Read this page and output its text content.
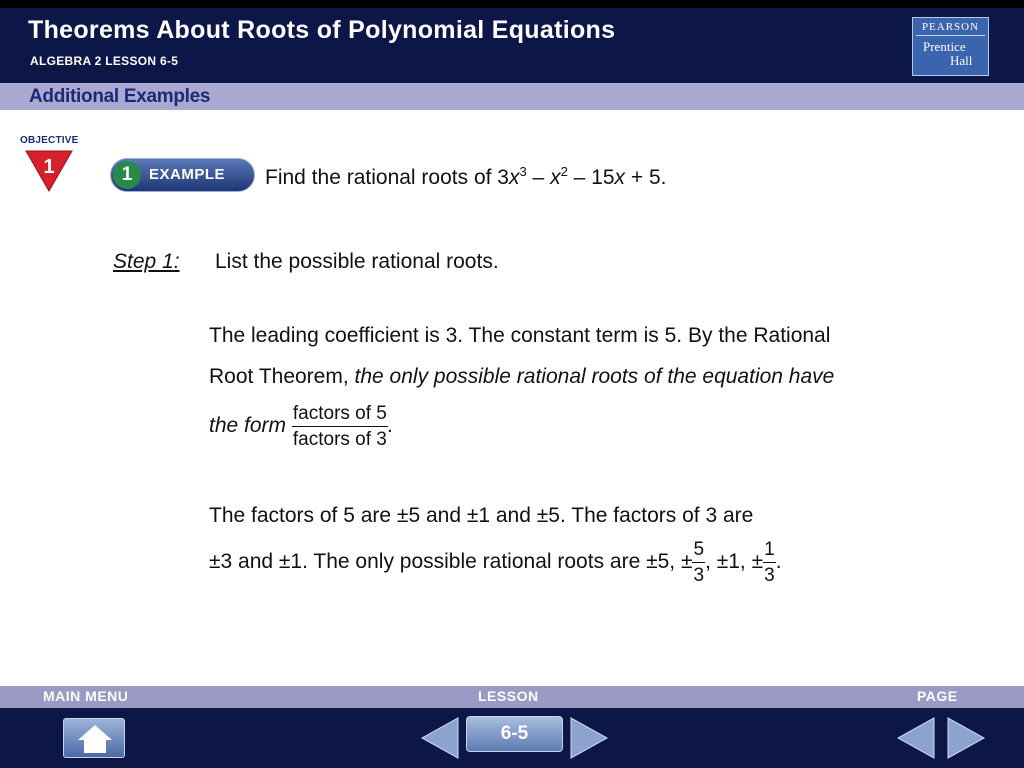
Theorems About Roots of Polynomial Equations
ALGEBRA 2 LESSON 6-5
PEARSON
Prentice
Hall
Additional Examples
OBJECTIVE
1	1	EXAMPLE Find the rational roots of $3x^3 - x^2 - 15x + 5$.
Step 1: List the possible rational roots.
The leading coefficient is 3. The constant term is 5. By the Rational
Root Theorem, the only possible rational roots of the equation have
the form $\frac{\text{factors of 5}}{\text{factors of 3}}$ .
The factors of 5 are ±5 and ±1 and ±5. The factors of 3 are
±3 and ±1. The only possible rational roots are ±5, ± $\frac{5}{3}$ , ±1, ± $\frac{1}{3}$ .
MAIN MENU	LESSON	PAGE
6-5
